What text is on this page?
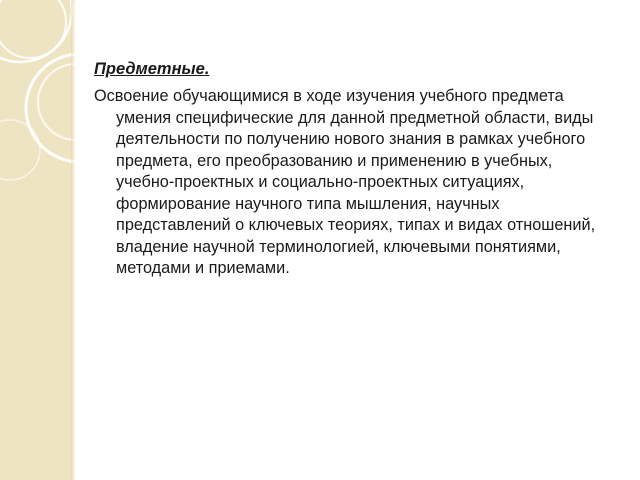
Предметные.

Освоение обучающимися в ходе изучения учебного предмета умения специфические для данной предметной области, виды деятельности по получению нового знания в рамках учебного предмета, его преобразованию и применению в учебных, учебно-проектных и социально-проектных ситуациях, формирование научного типа мышления, научных представлений о ключевых теориях, типах и видах отношений, владение научной терминологией, ключевыми понятиями, методами и приемами.
